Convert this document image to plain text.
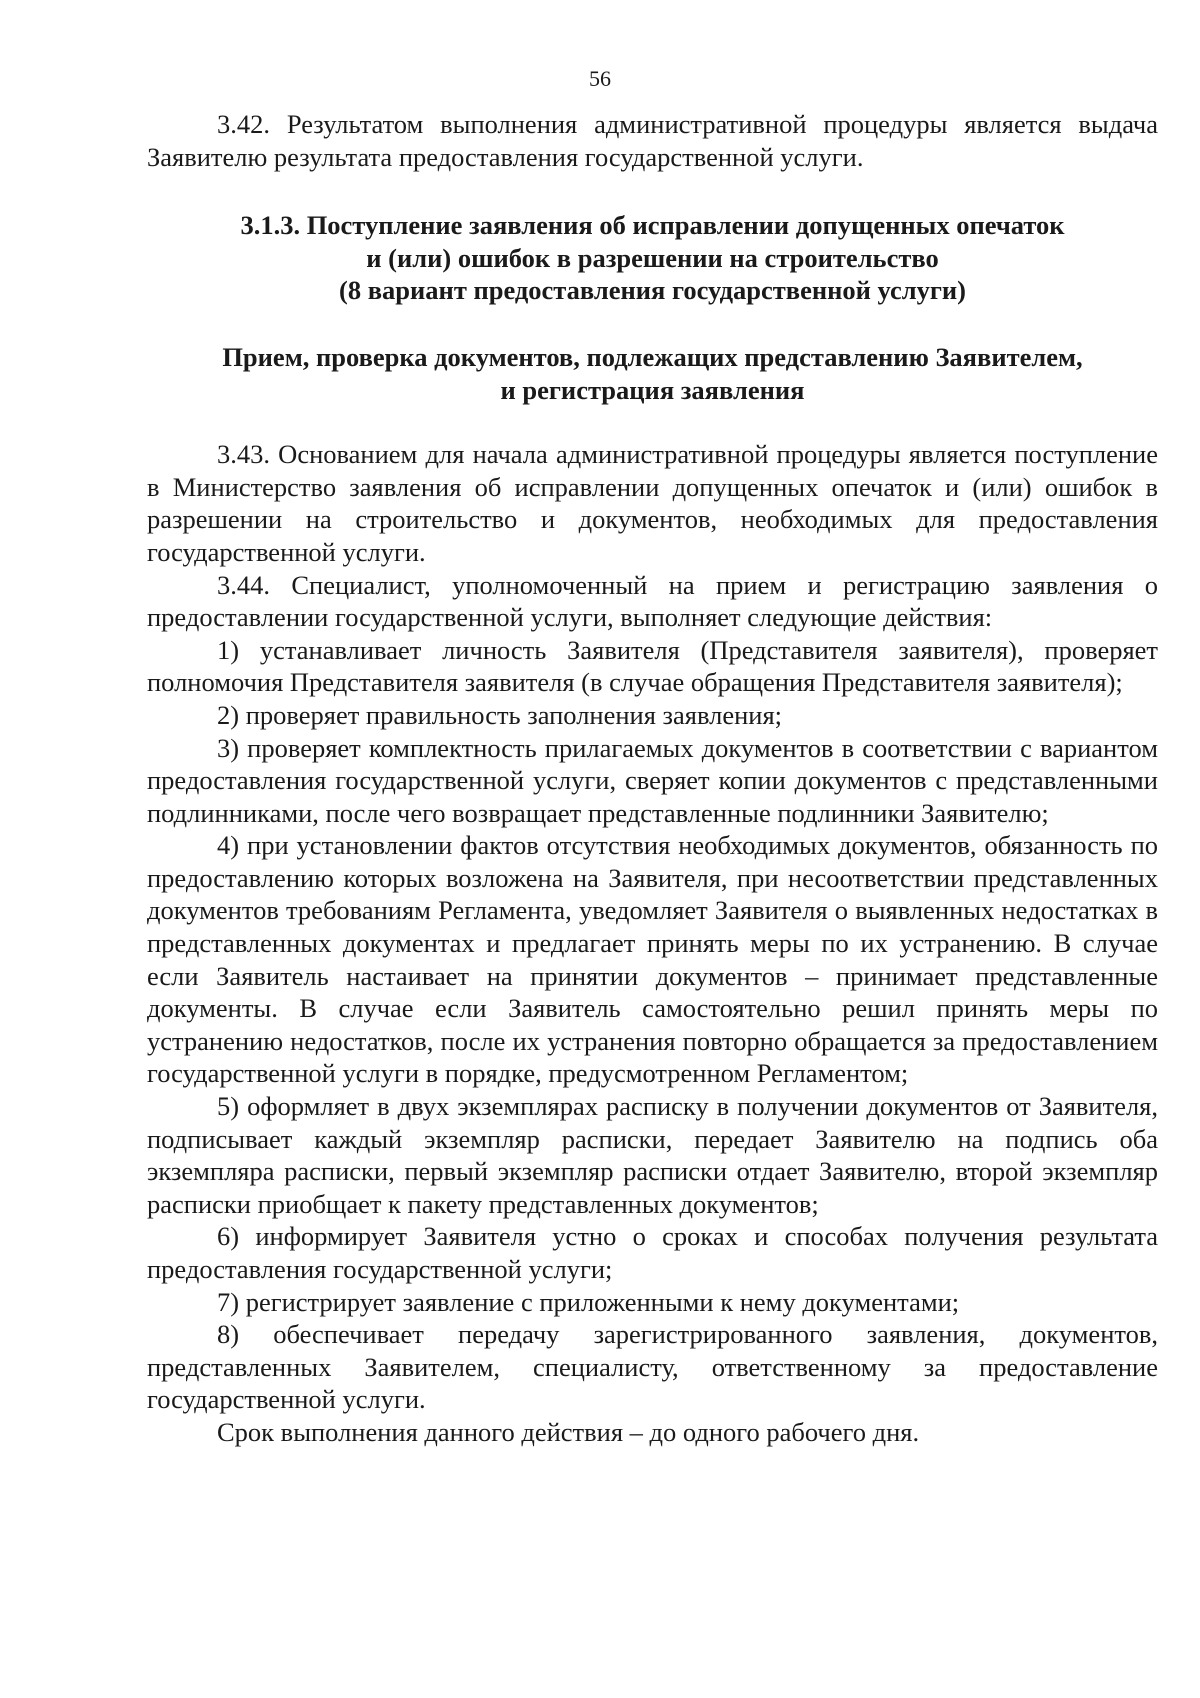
56

3.42. Результатом выполнения административной процедуры является выдача Заявителю результата предоставления государственной услуги.

3.1.3. Поступление заявления об исправлении допущенных опечаток
и (или) ошибок в разрешении на строительство
(8 вариант предоставления государственной услуги)
Прием, проверка документов, подлежащих представлению Заявителем,
и регистрация заявления

3.43. Основанием для начала административной процедуры является поступление в Министерство заявления об исправлении допущенных опечаток и (или) ошибок в разрешении на строительство и документов, необходимых для предоставления государственной услуги.

3.44. Специалист, уполномоченный на прием и регистрацию заявления о предоставлении государственной услуги, выполняет следующие действия:

1) устанавливает личность Заявителя (Представителя заявителя), проверяет полномочия Представителя заявителя (в случае обращения Представителя заявителя);

2) проверяет правильность заполнения заявления;

3) проверяет комплектность прилагаемых документов в соответствии с вариантом предоставления государственной услуги, сверяет копии документов с представленными подлинниками, после чего возвращает представленные подлинники Заявителю;

4) при установлении фактов отсутствия необходимых документов, обязанность по предоставлению которых возложена на Заявителя, при несоответствии представленных документов требованиям Регламента, уведомляет Заявителя о выявленных недостатках в представленных документах и предлагает принять меры по их устранению. В случае если Заявитель настаивает на принятии документов – принимает представленные документы. В случае если Заявитель самостоятельно решил принять меры по устранению недостатков, после их устранения повторно обращается за предоставлением государственной услуги в порядке, предусмотренном Регламентом;

5) оформляет в двух экземплярах расписку в получении документов от Заявителя, подписывает каждый экземпляр расписки, передает Заявителю на подпись оба экземпляра расписки, первый экземпляр расписки отдает Заявителю, второй экземпляр расписки приобщает к пакету представленных документов;

6) информирует Заявителя устно о сроках и способах получения результата предоставления государственной услуги;

7) регистрирует заявление с приложенными к нему документами;

8) обеспечивает передачу зарегистрированного заявления, документов, представленных Заявителем, специалисту, ответственному за предоставление государственной услуги.

Срок выполнения данного действия – до одного рабочего дня.
